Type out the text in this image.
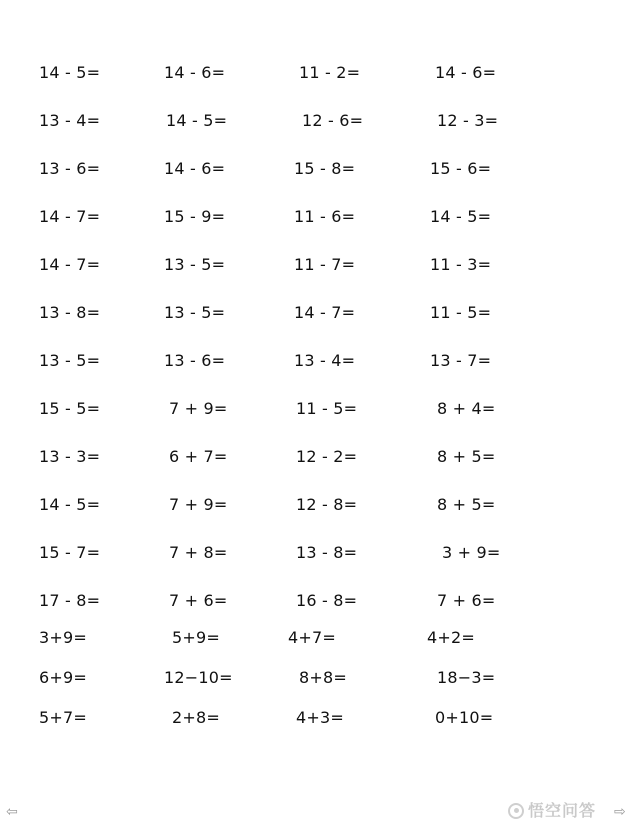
14 - 5=	14 - 6=	11 - 2=	14 - 6=
13 - 4=	14 - 5=	12 - 6=	12 - 3=
13 - 6=	14 - 6=	15 - 8=	15 - 6=
14 - 7=	15 - 9=	11 - 6=	14 - 5=
14 - 7=	13 - 5=	11 - 7=	11 - 3=
13 - 8=	13 - 5=	14 - 7=	11 - 5=
13 - 5=	13 - 6=	13 - 4=	13 - 7=
15 - 5=	7 + 9=	11 - 5=	8 + 4=
13 - 3=	6 + 7=	12 - 2=	8 + 5=
14 - 5=	7 + 9=	12 - 8=	8 + 5=
15 - 7=	7 + 8=	13 - 8=	3 + 9=
17 - 8=	7 + 6=	16 - 8=	7 + 6=
3+9=	5+9=	4+7=	4+2=
6+9=	12−10=	8+8=	18−3=
5+7=	2+8=	4+3=	0+10=
⇦	⇨
悟空问答
